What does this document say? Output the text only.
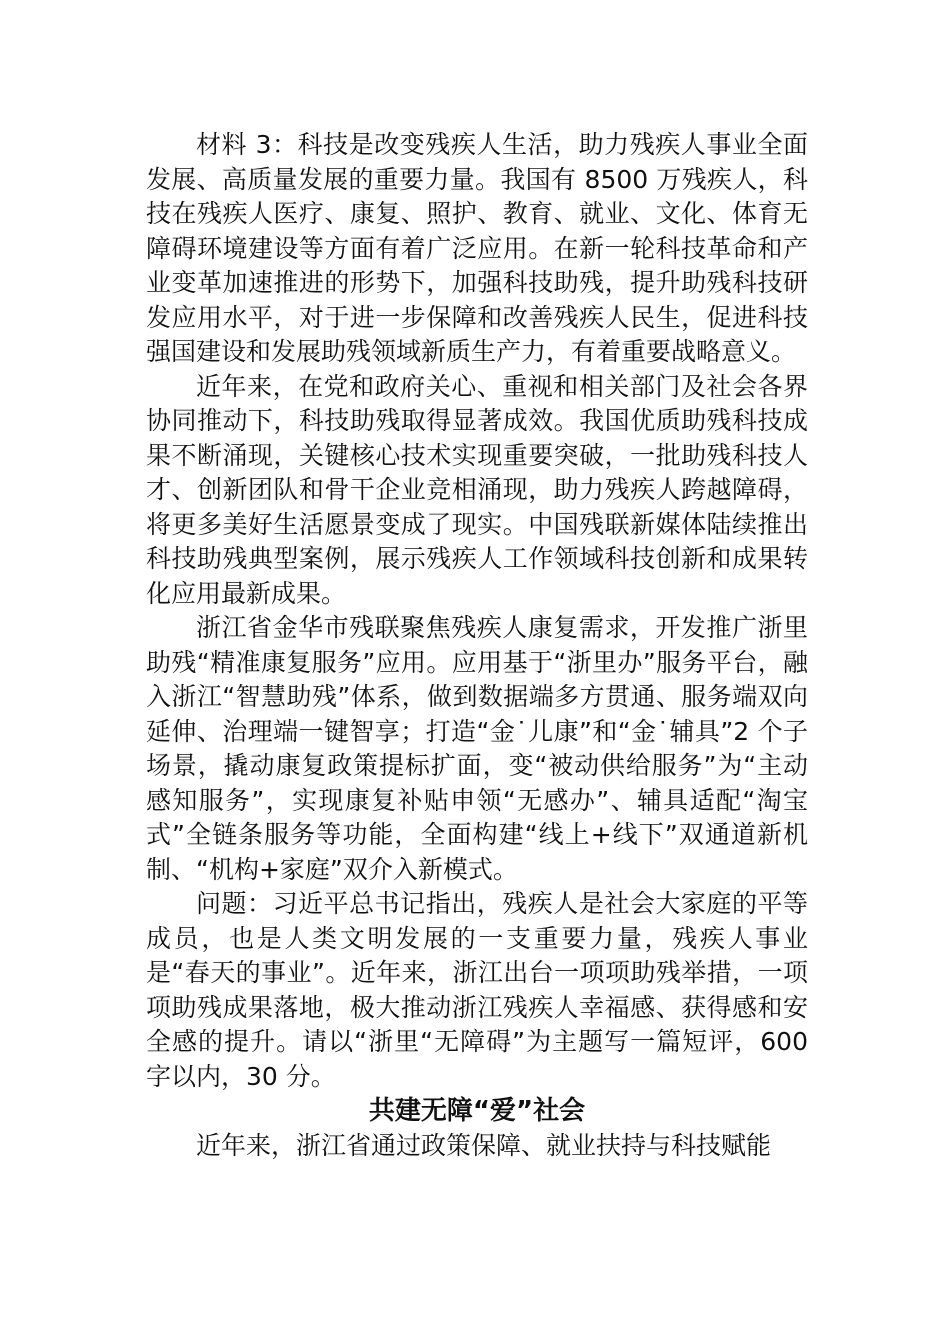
材料 3：科技是改变残疾人生活，助力残疾人事业全面发展、高质量发展的重要力量。我国有 8500 万残疾人，科技在残疾人医疗、康复、照护、教育、就业、文化、体育无障碍环境建设等方面有着广泛应用。在新一轮科技革命和产业变革加速推进的形势下，加强科技助残，提升助残科技研发应用水平，对于进一步保障和改善残疾人民生，促进科技强国建设和发展助残领域新质生产力，有着重要战略意义。

近年来，在党和政府关心、重视和相关部门及社会各界协同推动下，科技助残取得显著成效。我国优质助残科技成果不断涌现，关键核心技术实现重要突破，一批助残科技人才、创新团队和骨干企业竞相涌现，助力残疾人跨越障碍，将更多美好生活愿景变成了现实。中国残联新媒体陆续推出科技助残典型案例，展示残疾人工作领域科技创新和成果转化应用最新成果。

浙江省金华市残联聚焦残疾人康复需求，开发推广浙里助残“精准康复服务”应用。应用基于“浙里办”服务平台，融入浙江“智慧助残”体系，做到数据端多方贯通、服务端双向延伸、治理端一键智享；打造“金˙儿康”和“金˙辅具”2 个子场景，撬动康复政策提标扩面，变“被动供给服务”为“主动感知服务”，实现康复补贴申领“无感办”、辅具适配“淘宝式”全链条服务等功能，全面构建“线上+线下”双通道新机制、“机构+家庭”双介入新模式。

问题：习近平总书记指出，残疾人是社会大家庭的平等成员，也是人类文明发展的一支重要力量，残疾人事业是“春天的事业”。近年来，浙江出台一项项助残举措，一项项助残成果落地，极大推动浙江残疾人幸福感、获得感和安全感的提升。请以“浙里“无障碍”为主题写一篇短评，600 字以内，30 分。

共建无障“爱”社会

近年来，浙江省通过政策保障、就业扶持与科技赋能
